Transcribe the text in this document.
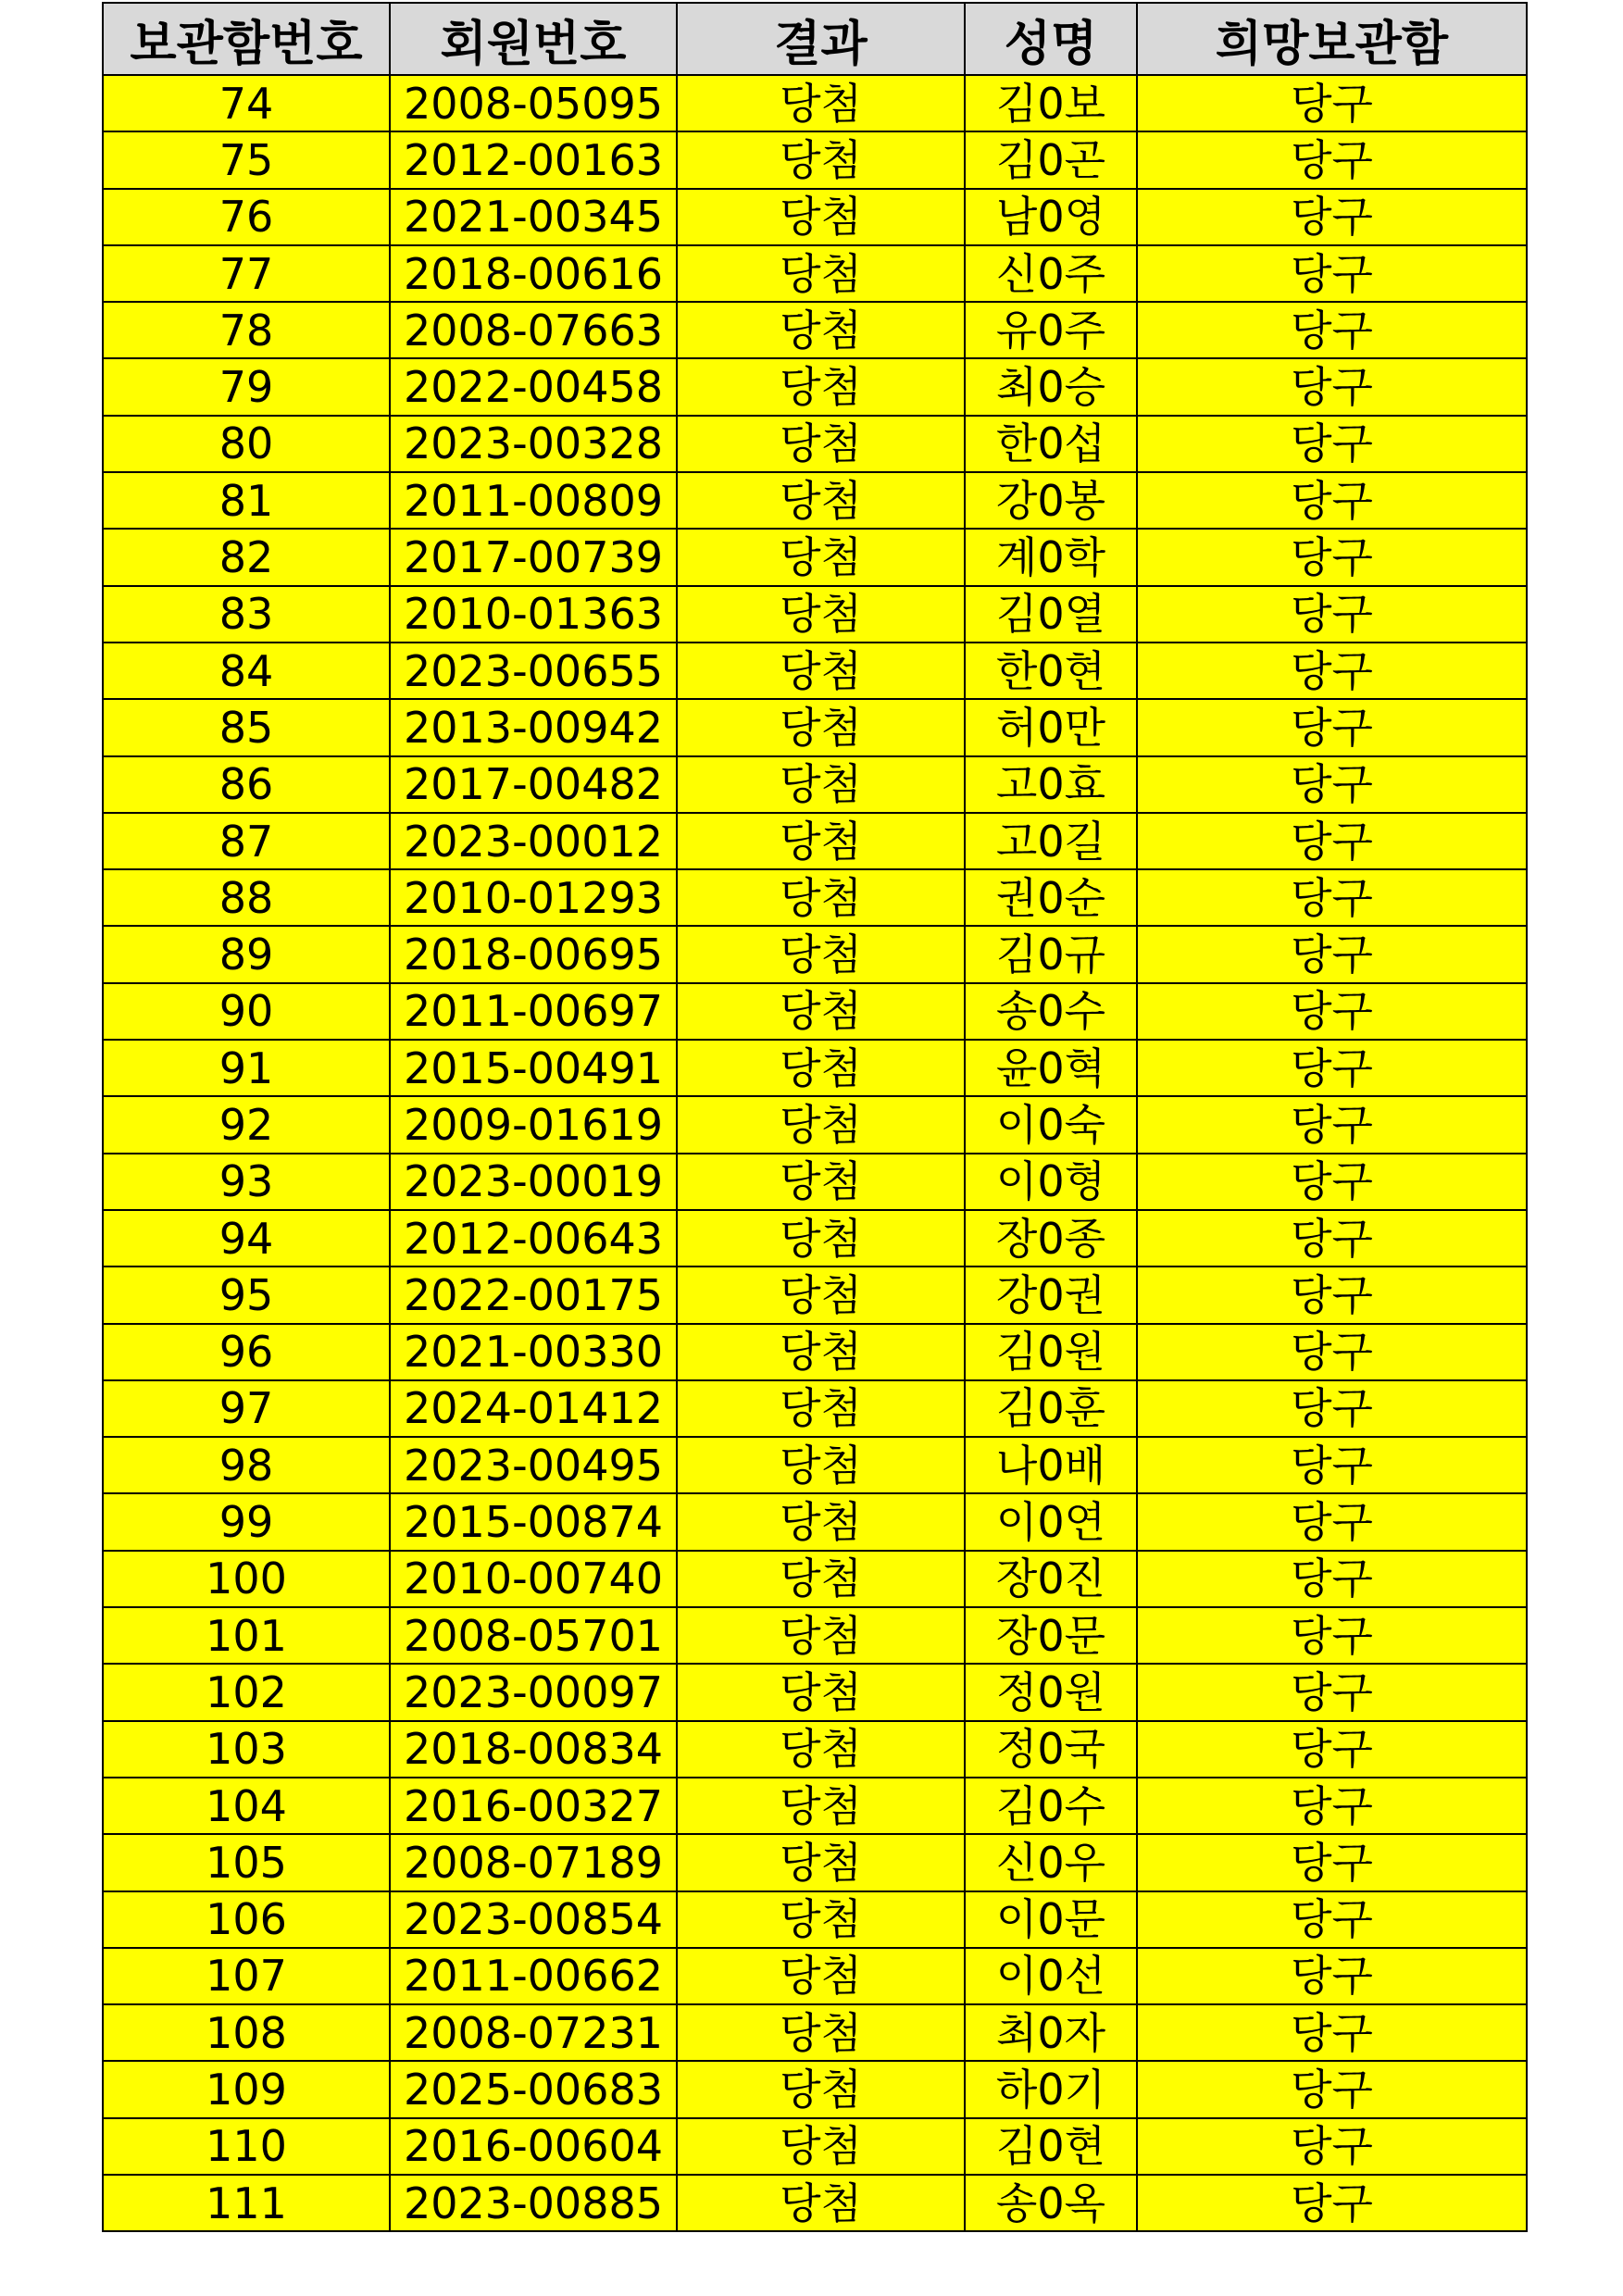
보관함번호	회원번호	결과	성명	희망보관함
74	2008-05095	당첨	김0보	당구
75	2012-00163	당첨	김0곤	당구
76	2021-00345	당첨	남0영	당구
77	2018-00616	당첨	신0주	당구
78	2008-07663	당첨	유0주	당구
79	2022-00458	당첨	최0승	당구
80	2023-00328	당첨	한0섭	당구
81	2011-00809	당첨	강0봉	당구
82	2017-00739	당첨	계0학	당구
83	2010-01363	당첨	김0열	당구
84	2023-00655	당첨	한0현	당구
85	2013-00942	당첨	허0만	당구
86	2017-00482	당첨	고0효	당구
87	2023-00012	당첨	고0길	당구
88	2010-01293	당첨	권0순	당구
89	2018-00695	당첨	김0규	당구
90	2011-00697	당첨	송0수	당구
91	2015-00491	당첨	윤0혁	당구
92	2009-01619	당첨	이0숙	당구
93	2023-00019	당첨	이0형	당구
94	2012-00643	당첨	장0종	당구
95	2022-00175	당첨	강0권	당구
96	2021-00330	당첨	김0원	당구
97	2024-01412	당첨	김0훈	당구
98	2023-00495	당첨	나0배	당구
99	2015-00874	당첨	이0연	당구
100	2010-00740	당첨	장0진	당구
101	2008-05701	당첨	장0문	당구
102	2023-00097	당첨	정0원	당구
103	2018-00834	당첨	정0국	당구
104	2016-00327	당첨	김0수	당구
105	2008-07189	당첨	신0우	당구
106	2023-00854	당첨	이0문	당구
107	2011-00662	당첨	이0선	당구
108	2008-07231	당첨	최0자	당구
109	2025-00683	당첨	하0기	당구
110	2016-00604	당첨	김0현	당구
111	2023-00885	당첨	송0옥	당구
